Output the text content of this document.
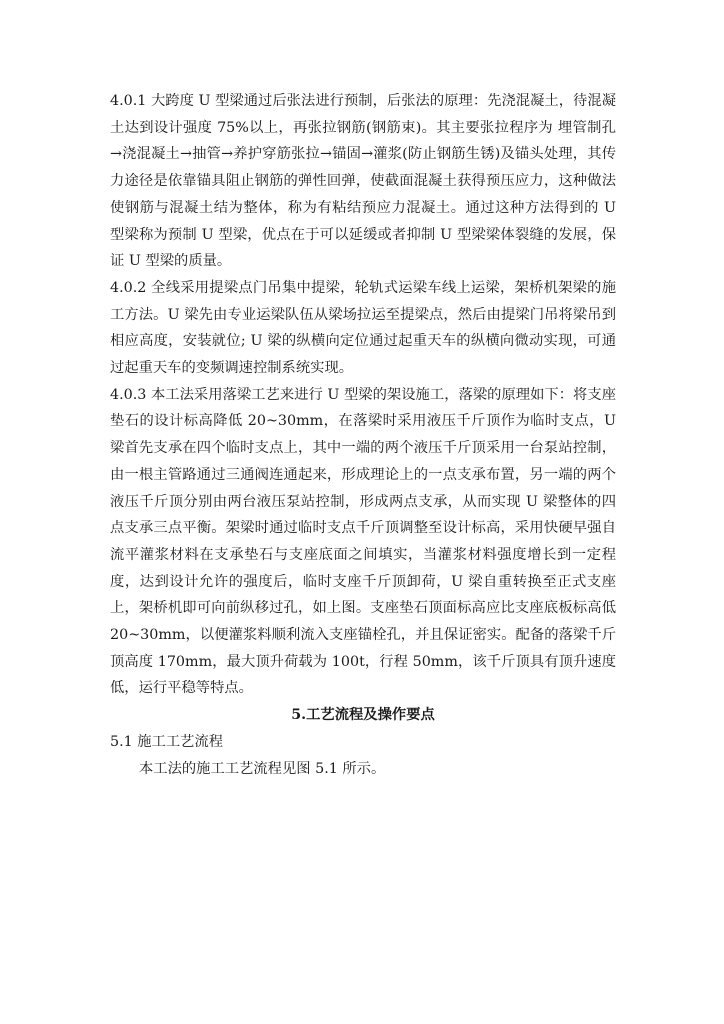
4.0.1 大跨度 U 型梁通过后张法进行预制，后张法的原理：先浇混凝土，待混凝土达到设计强度 75%以上，再张拉钢筋(钢筋束)。其主要张拉程序为 埋管制孔→浇混凝土→抽管→养护穿筋张拉→锚固→灌浆(防止钢筋生锈)及锚头处理，其传力途径是依靠锚具阻止钢筋的弹性回弹，使截面混凝土获得预压应力，这种做法使钢筋与混凝土结为整体，称为有粘结预应力混凝土。通过这种方法得到的 U 型梁称为预制 U 型梁，优点在于可以延缓或者抑制 U 型梁梁体裂缝的发展，保证 U 型梁的质量。

4.0.2 全线采用提梁点门吊集中提梁，轮轨式运梁车线上运梁，架桥机架梁的施工方法。U 梁先由专业运梁队伍从梁场拉运至提梁点，然后由提梁门吊将梁吊到相应高度，安装就位; U 梁的纵横向定位通过起重天车的纵横向微动实现，可通过起重天车的变频调速控制系统实现。

4.0.3 本工法采用落梁工艺来进行 U 型梁的架设施工，落梁的原理如下：将支座垫石的设计标高降低 20~30mm，在落梁时采用液压千斤顶作为临时支点，U 梁首先支承在四个临时支点上，其中一端的两个液压千斤顶采用一台泵站控制，由一根主管路通过三通阀连通起来，形成理论上的一点支承布置，另一端的两个液压千斤顶分别由两台液压泵站控制，形成两点支承，从而实现 U 梁整体的四点支承三点平衡。架梁时通过临时支点千斤顶调整至设计标高，采用快硬早强自流平灌浆材料在支承垫石与支座底面之间填实，当灌浆材料强度增长到一定程度，达到设计允许的强度后，临时支座千斤顶卸荷，U 梁自重转换至正式支座上，架桥机即可向前纵移过孔，如上图。支座垫石顶面标高应比支座底板标高低 20~30mm，以便灌浆料顺利流入支座锚栓孔，并且保证密实。配备的落梁千斤顶高度 170mm，最大顶升荷载为 100t，行程 50mm，该千斤顶具有顶升速度低，运行平稳等特点。

5.工艺流程及操作要点

5.1 施工工艺流程

本工法的施工工艺流程见图 5.1 所示。
